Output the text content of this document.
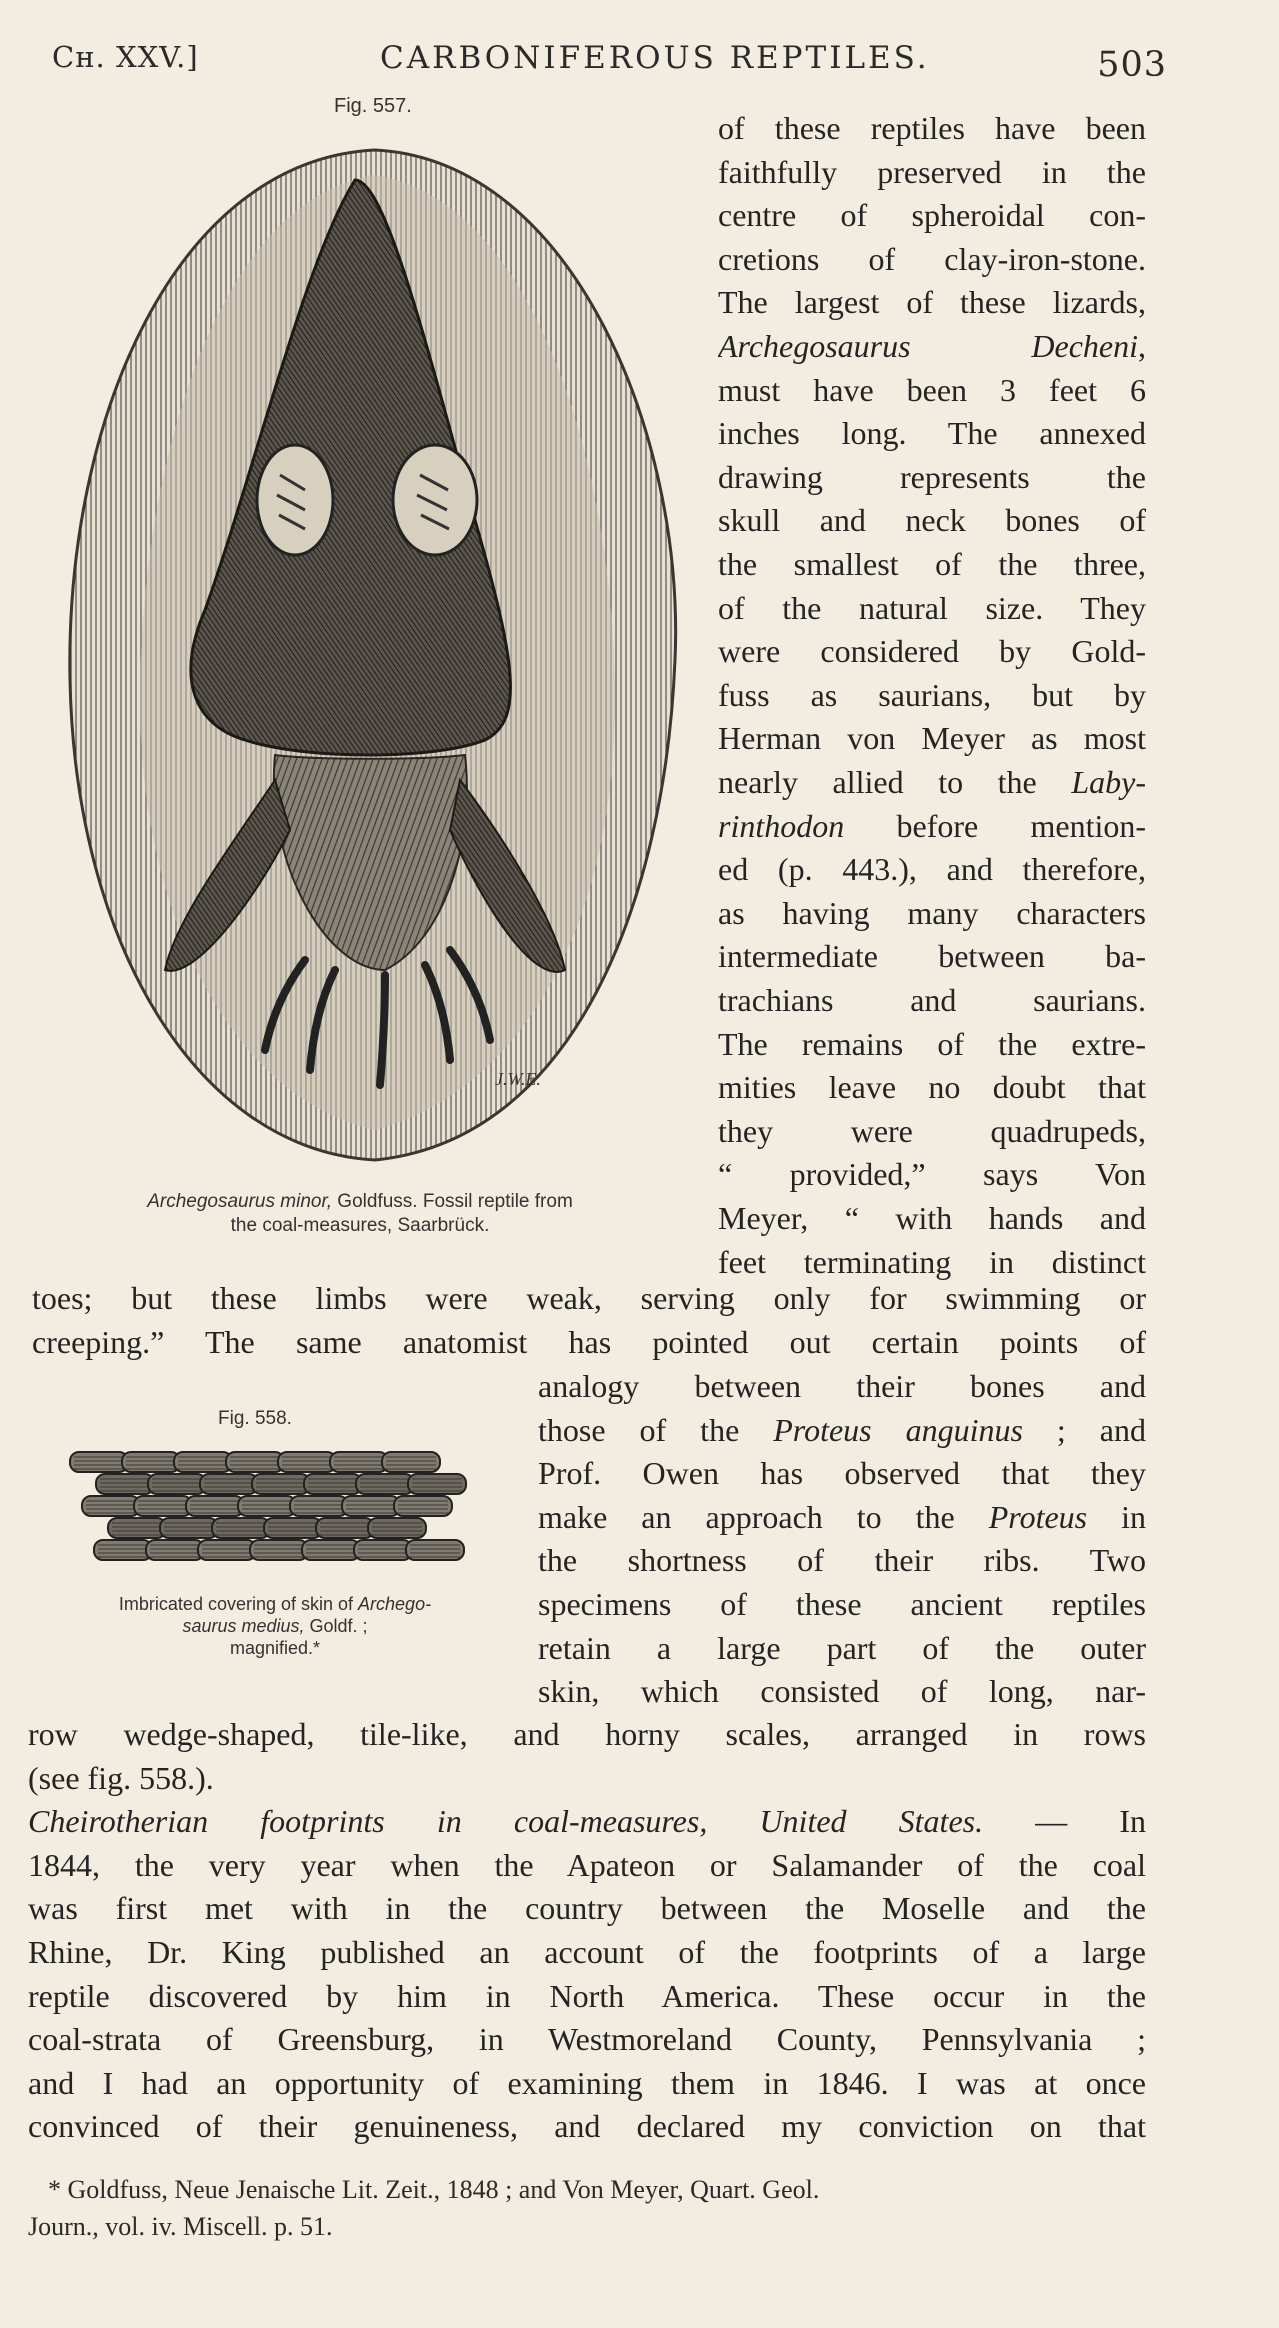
Cн. XXV.]	CARBONIFEROUS REPTILES.	503
Fig. 557.
J.W.E.
Archegosaurus minor, Goldfuss. Fossil reptile from
the coal-measures, Saarbrück.
of these reptiles have been
faithfully preserved in the
centre of spheroidal con-
cretions of clay-iron-stone.
The largest of these lizards,
Archegosaurus	Decheni,
must have been 3 feet 6
inches long. The annexed
drawing represents the
skull and neck bones of
the smallest of the three,
of the natural size. They
were considered by Gold-
fuss as saurians, but by
Herman von Meyer as most
nearly allied to the Laby-
rinthodon before mention-
ed (p. 443.), and therefore,
as having many characters
intermediate between ba-
trachians and saurians.
The remains of the extre-
mities leave no doubt that
they were quadrupeds,
“ provided,” says Von
Meyer, “ with hands and
feet terminating in distinct
toes; but these limbs were weak, serving only for swimming or
creeping.” The same anatomist has pointed out certain points of
Fig. 558.
Imbricated covering of skin of Archego-
saurus medius, Goldf. ;
magnified.*
analogy between their bones and
those of the Proteus anguinus ; and
Prof. Owen has observed that they
make an approach to the Proteus in
the shortness of their ribs. Two
specimens of these ancient reptiles
retain a large part of the outer
skin, which consisted of long, nar-
row wedge-shaped, tile-like, and horny scales, arranged in rows
(see fig. 558.).
Cheirotherian footprints in coal-measures, United States. — In
1844, the very year when the Apateon or Salamander of the coal
was first met with in the country between the Moselle and the
Rhine, Dr. King published an account of the footprints of a large
reptile discovered by him in North America. These occur in the
coal-strata of Greensburg, in Westmoreland County, Pennsylvania ;
and I had an opportunity of examining them in 1846. I was at once
convinced of their genuineness, and declared my conviction on that
* Goldfuss, Neue Jenaische Lit. Zeit., 1848 ; and Von Meyer, Quart. Geol.
Journ., vol. iv. Miscell. p. 51.
